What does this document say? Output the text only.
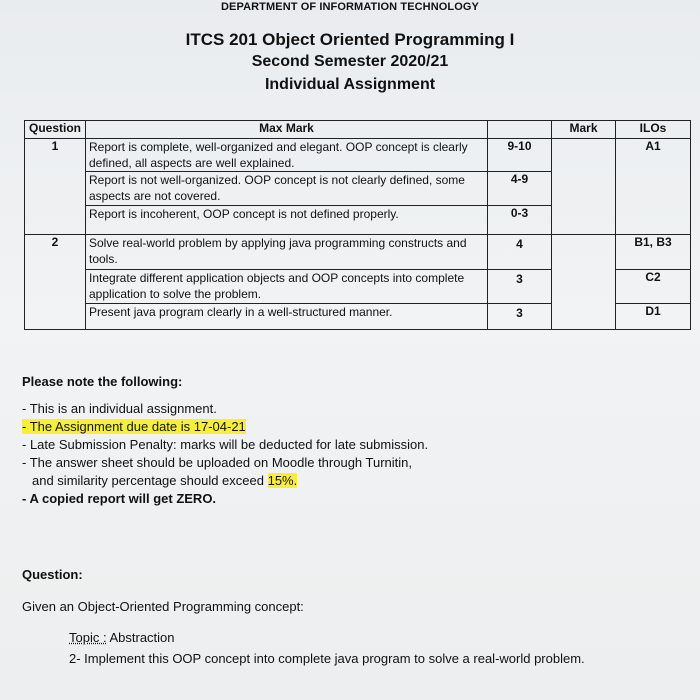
DEPARTMENT OF INFORMATION TECHNOLOGY
ITCS 201 Object Oriented Programming I
Second Semester 2020/21
Individual Assignment
Question	Max Mark		Mark	ILOs
1	Report is complete, well-organized and elegant. OOP concept is clearly defined, all aspects are well explained.	9-10		A1
	Report is not well-organized. OOP concept is not clearly defined, some aspects are not covered.	4-9		
	Report is incoherent, OOP concept is not defined properly.	0-3		
2	Solve real-world problem by applying java programming constructs and tools.	4		B1, B3
	Integrate different application objects and OOP concepts into complete application to solve the problem.	3		C2
	Present java program clearly in a well-structured manner.	3		D1
Please note the following:
- This is an individual assignment.
- The Assignment due date is 17-04-21
- Late Submission Penalty: marks will be deducted for late submission.
- The answer sheet should be uploaded on Moodle through Turnitin,
and similarity percentage should exceed 15%.
- A copied report will get ZERO.
Question:
Given an Object-Oriented Programming concept:
Topic : Abstraction
2- Implement this OOP concept into complete java program to solve a real-world problem.
